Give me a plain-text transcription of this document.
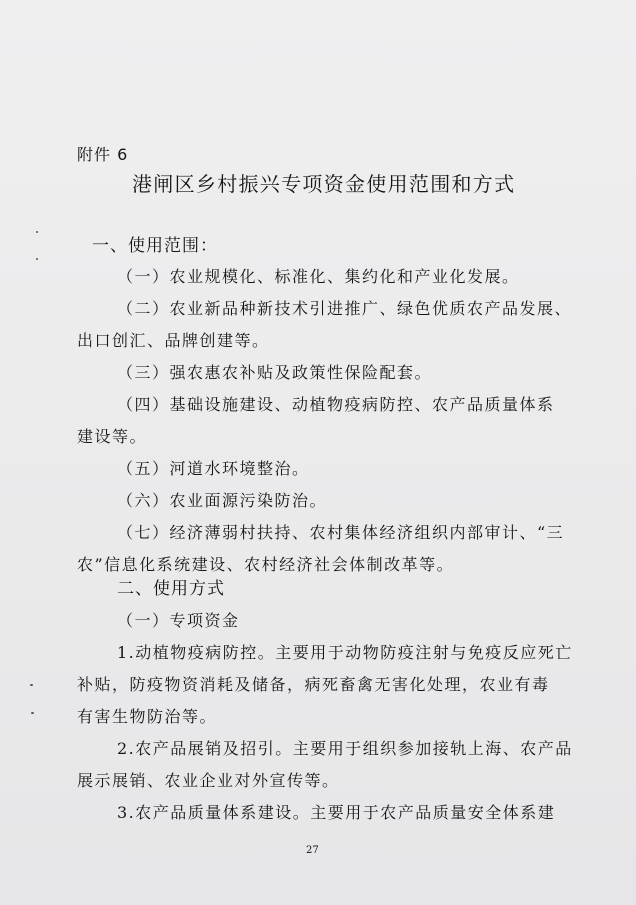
附件 6
港闸区乡村振兴专项资金使用范围和方式
一、使用范围：
（一）农业规模化、标准化、集约化和产业化发展。
（二）农业新品种新技术引进推广、绿色优质农产品发展、
出口创汇、品牌创建等。
（三）强农惠农补贴及政策性保险配套。
（四）基础设施建设、动植物疫病防控、农产品质量体系
建设等。
（五）河道水环境整治。
（六）农业面源污染防治。
（七）经济薄弱村扶持、农村集体经济组织内部审计、“三
农”信息化系统建设、农村经济社会体制改革等。
二、使用方式
（一）专项资金
1.动植物疫病防控。主要用于动物防疫注射与免疫反应死亡
补贴，防疫物资消耗及储备，病死畜禽无害化处理，农业有毒
有害生物防治等。
2.农产品展销及招引。主要用于组织参加接轨上海、农产品
展示展销、农业企业对外宣传等。
3.农产品质量体系建设。主要用于农产品质量安全体系建
27
